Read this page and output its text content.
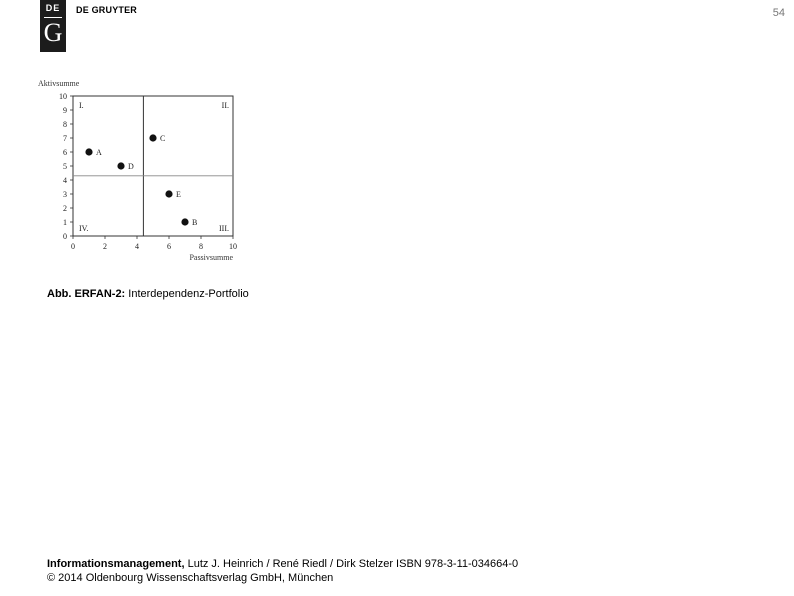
DE
G
DE GRUYTER	54
0
1
2
3
4
5
6
7
8
9
10
0	2	4	6	8	10
Aktivsumme
Passivsumme
I.	II.
III.
IV.
A
B
C
D
E
Abb. ERFAN-2: Interdependenz-Portfolio
Informationsmanagement, Lutz J. Heinrich / René Riedl / Dirk Stelzer ISBN 978-3-11-034664-0
© 2014 Oldenbourg Wissenschaftsverlag GmbH, München
